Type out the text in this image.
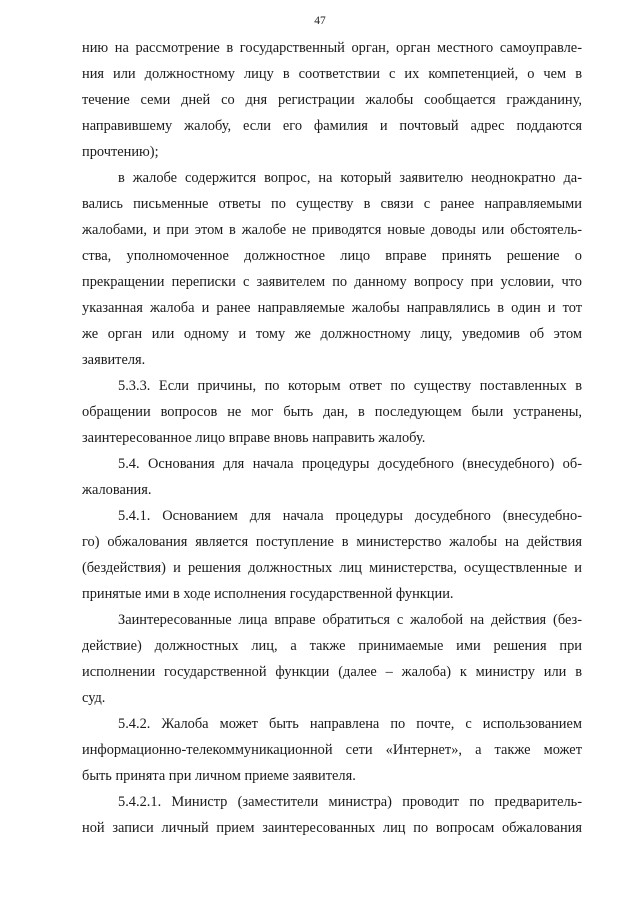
47
нию на рассмотрение в государственный орган, орган местного самоуправле-
ния или должностному лицу в соответствии с их компетенцией, о чем в
течение семи дней со дня регистрации жалобы сообщается гражданину,
направившему жалобу, если его фамилия и почтовый адрес поддаются
прочтению);
в жалобе содержится вопрос, на который заявителю неоднократно да-
вались письменные ответы по существу в связи с ранее направляемыми
жалобами, и при этом в жалобе не приводятся новые доводы или обстоятель-
ства, уполномоченное должностное лицо вправе принять решение о
прекращении переписки с заявителем по данному вопросу при условии, что
указанная жалоба и ранее направляемые жалобы направлялись в один и тот
же орган или одному и тому же должностному лицу, уведомив об этом
заявителя.
5.3.3. Если причины, по которым ответ по существу поставленных в
обращении вопросов не мог быть дан, в последующем были устранены,
заинтересованное лицо вправе вновь направить жалобу.
5.4. Основания для начала процедуры досудебного (внесудебного) об-
жалования.
5.4.1. Основанием для начала процедуры досудебного (внесудебно-
го) обжалования является поступление в министерство жалобы на действия
(бездействия) и решения должностных лиц министерства, осуществленные и
принятые ими в ходе исполнения государственной функции.
Заинтересованные лица вправе обратиться с жалобой на действия (без-
действие) должностных лиц, а также принимаемые ими решения при
исполнении государственной функции (далее – жалоба) к министру или в
суд.
5.4.2. Жалоба может быть направлена по почте, с использованием
информационно-телекоммуникационной сети «Интернет», а также может
быть принята при личном приеме заявителя.
5.4.2.1. Министр (заместители министра) проводит по предваритель-
ной записи личный прием заинтересованных лиц по вопросам обжалования
